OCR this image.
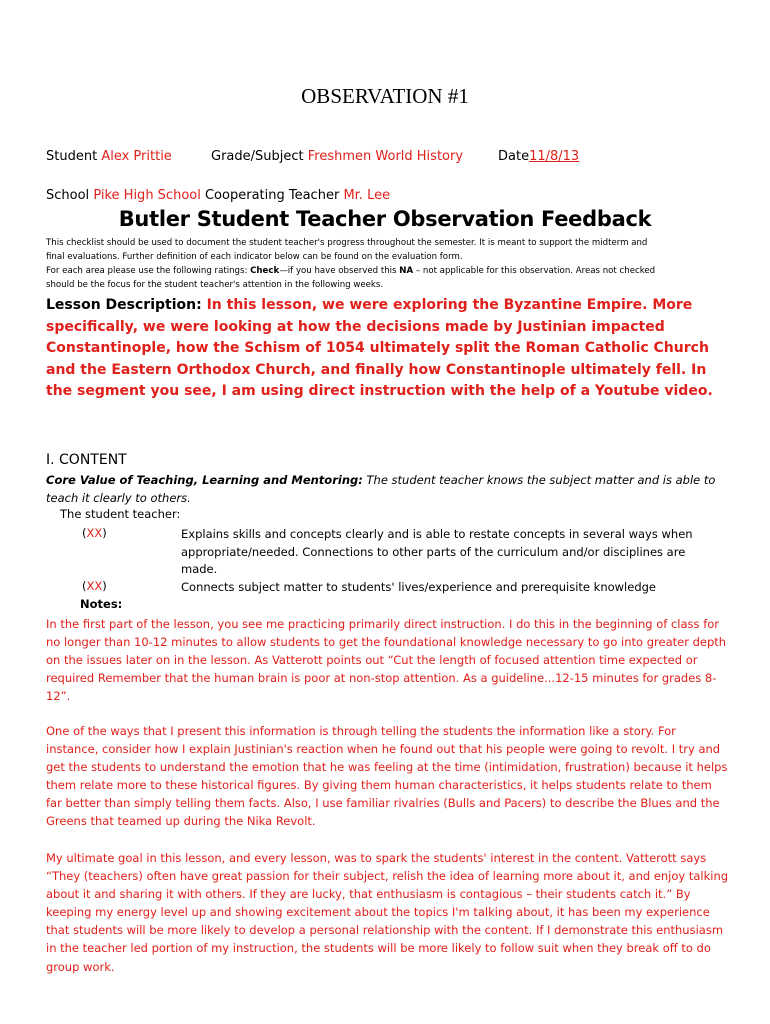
OBSERVATION #1
Student Alex Prittie	Grade/Subject Freshmen World History	Date11/8/13
School Pike High School Cooperating Teacher Mr. Lee
Butler Student Teacher Observation Feedback
This checklist should be used to document the student teacher's progress throughout the semester. It is meant to support the midterm and
final evaluations. Further definition of each indicator below can be found on the evaluation form.
For each area please use the following ratings: Check—if you have observed this NA – not applicable for this observation. Areas not checked
should be the focus for the student teacher's attention in the following weeks.
Lesson Description: In this lesson, we were exploring the Byzantine Empire. More specifically, we were looking at how the decisions made by Justinian impacted Constantinople, how the Schism of 1054 ultimately split the Roman Catholic Church and the Eastern Orthodox Church, and finally how Constantinople ultimately fell. In the segment you see, I am using direct instruction with the help of a Youtube video.
I. CONTENT
Core Value of Teaching, Learning and Mentoring: The student teacher knows the subject matter and is able to teach it clearly to others.
The student teacher:
(XX)	Explains skills and concepts clearly and is able to restate concepts in several ways when appropriate/needed. Connections to other parts of the curriculum and/or disciplines are made.
(XX)	Connects subject matter to students' lives/experience and prerequisite knowledge
Notes:
In the first part of the lesson, you see me practicing primarily direct instruction. I do this in the beginning of class for no longer than 10-12 minutes to allow students to get the foundational knowledge necessary to go into greater depth on the issues later on in the lesson. As Vatterott points out “Cut the length of focused attention time expected or required Remember that the human brain is poor at non-stop attention. As a guideline...12-15 minutes for grades 8-12”.
One of the ways that I present this information is through telling the students the information like a story. For instance, consider how I explain Justinian's reaction when he found out that his people were going to revolt. I try and get the students to understand the emotion that he was feeling at the time (intimidation, frustration) because it helps them relate more to these historical figures. By giving them human characteristics, it helps students relate to them far better than simply telling them facts. Also, I use familiar rivalries (Bulls and Pacers) to describe the Blues and the Greens that teamed up during the Nika Revolt.
My ultimate goal in this lesson, and every lesson, was to spark the students' interest in the content. Vatterott says “They (teachers) often have great passion for their subject, relish the idea of learning more about it, and enjoy talking about it and sharing it with others. If they are lucky, that enthusiasm is contagious – their students catch it.” By keeping my energy level up and showing excitement about the topics I'm talking about, it has been my experience that students will be more likely to develop a personal relationship with the content. If I demonstrate this enthusiasm in the teacher led portion of my instruction, the students will be more likely to follow suit when they break off to do group work.
